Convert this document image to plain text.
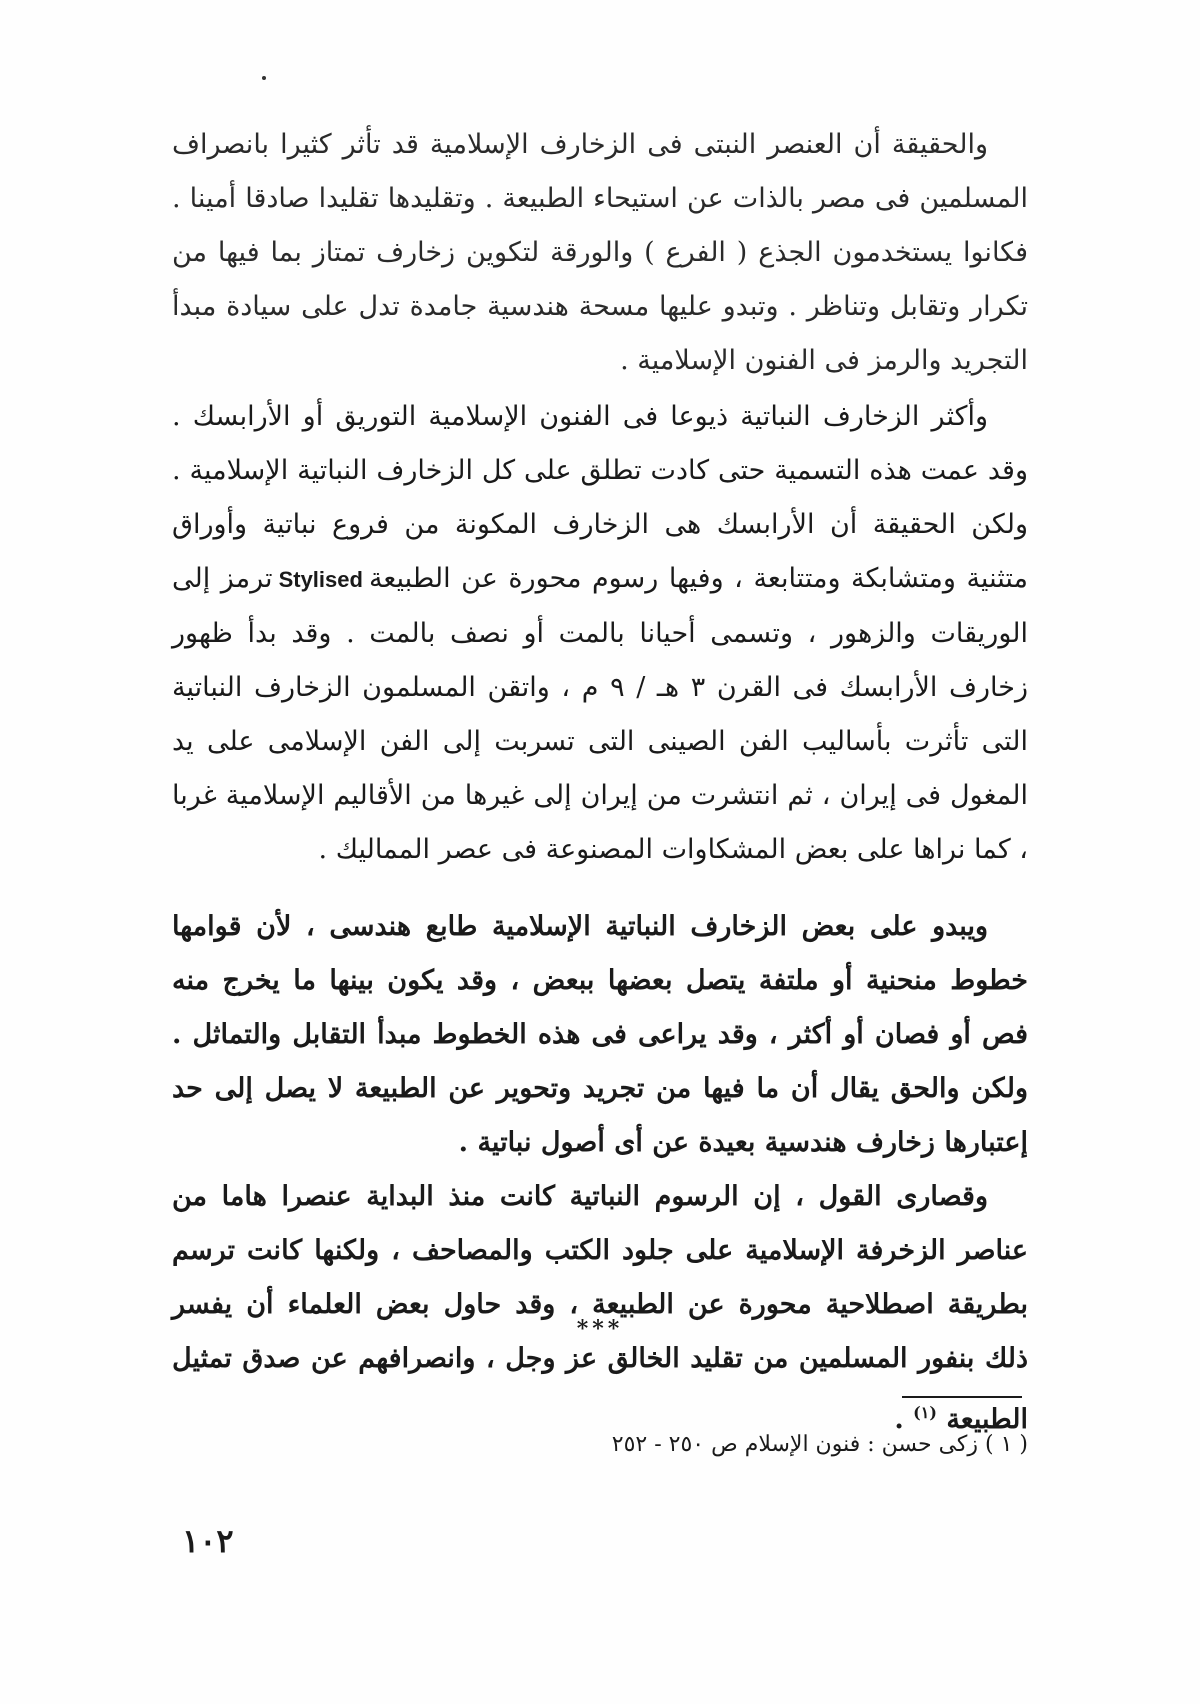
والحقيقة أن العنصر النبتى فى الزخارف الإسلامية قد تأثر كثيرا بانصراف المسلمين فى مصر بالذات عن استيحاء الطبيعة . وتقليدها تقليدا صادقا أمينا . فكانوا يستخدمون الجذع ( الفرع ) والورقة لتكوين زخارف تمتاز بما فيها من تكرار وتقابل وتناظر . وتبدو عليها مسحة هندسية جامدة تدل على سيادة مبدأ التجريد والرمز فى الفنون الإسلامية .

وأكثر الزخارف النباتية ذيوعا فى الفنون الإسلامية التوريق أو الأرابسك . وقد عمت هذه التسمية حتى كادت تطلق على كل الزخارف النباتية الإسلامية . ولكن الحقيقة أن الأرابسك هى الزخارف المكونة من فروع نباتية وأوراق متثنية ومتشابكة ومتتابعة ، وفيها رسوم محورة عن الطبيعةStylisedترمز إلى الوريقات والزهور ، وتسمى أحيانا بالمت أو نصف بالمت . وقد بدأ ظهور زخارف الأرابسك فى القرن ٣ هـ / ٩ م ، واتقن المسلمون الزخارف النباتية التى تأثرت بأساليب الفن الصينى التى تسربت إلى الفن الإسلامى على يد المغول فى إيران ، ثم انتشرت من إيران إلى غيرها من الأقاليم الإسلامية غربا ، كما نراها على بعض المشكاوات المصنوعة فى عصر المماليك .

ويبدو على بعض الزخارف النباتية الإسلامية طابع هندسى ، لأن قوامها خطوط منحنية أو ملتفة يتصل بعضها ببعض ، وقد يكون بينها ما يخرج منه فص أو فصان أو أكثر ، وقد يراعى فى هذه الخطوط مبدأ التقابل والتماثل . ولكن والحق يقال أن ما فيها من تجريد وتحوير عن الطبيعة لا يصل إلى حد إعتبارها زخارف هندسية بعيدة عن أى أصول نباتية .

وقصارى القول ، إن الرسوم النباتية كانت منذ البداية عنصرا هاما من عناصر الزخرفة الإسلامية على جلود الكتب والمصاحف ، ولكنها كانت ترسم بطريقة اصطلاحية محورة عن الطبيعة ، وقد حاول بعض العلماء أن يفسر ذلك بنفور المسلمين من تقليد الخالق عز وجل ، وانصرافهم عن صدق تمثيل الطبيعة $^{(١)}$ .

***
( ١ ) زكى حسن : فنون الإسلام ص ٢٥٠ - ٢٥٢
١٠٢
